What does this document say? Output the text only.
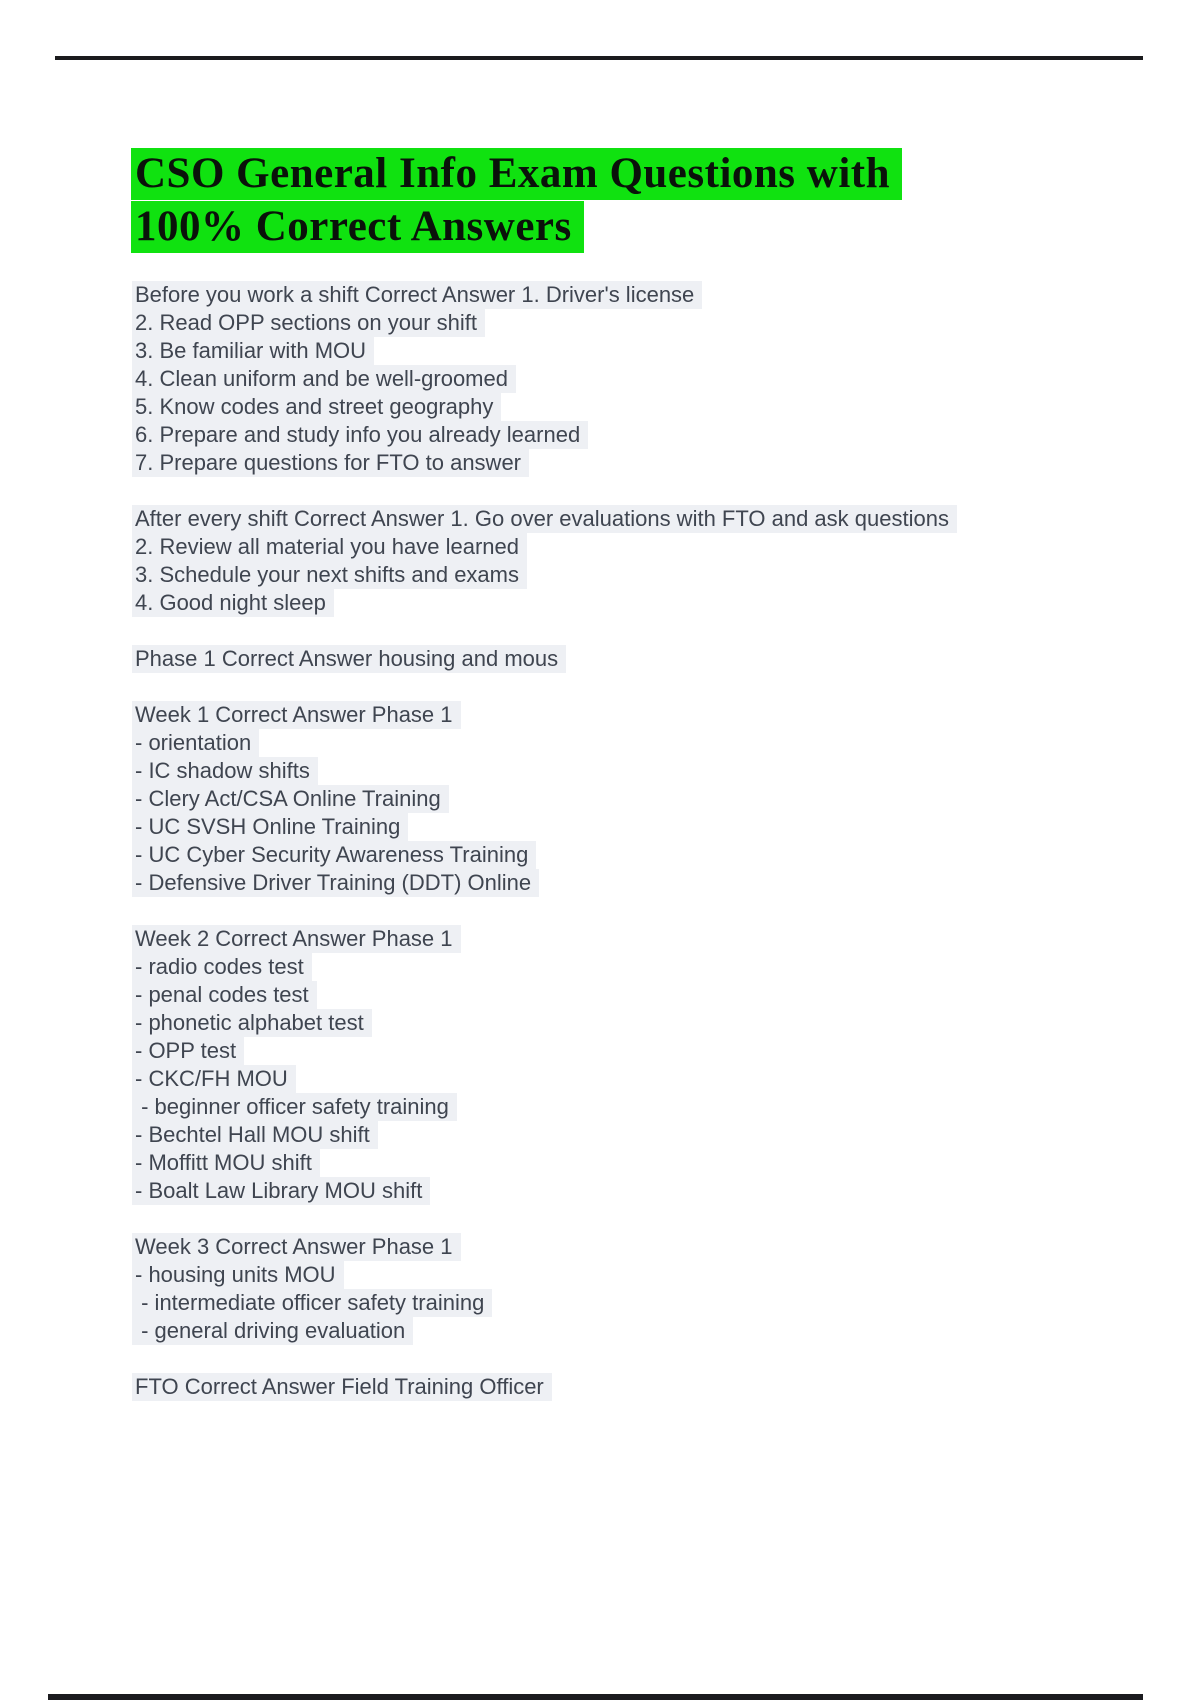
CSO General Info Exam Questions with
100% Correct Answers
Before you work a shift Correct Answer 1. Driver's license
2. Read OPP sections on your shift
3. Be familiar with MOU
4. Clean uniform and be well-groomed
5. Know codes and street geography
6. Prepare and study info you already learned
7. Prepare questions for FTO to answer
After every shift Correct Answer 1. Go over evaluations with FTO and ask questions
2. Review all material you have learned
3. Schedule your next shifts and exams
4. Good night sleep
Phase 1 Correct Answer housing and mous
Week 1 Correct Answer Phase 1
- orientation
- IC shadow shifts
- Clery Act/CSA Online Training
- UC SVSH Online Training
- UC Cyber Security Awareness Training
- Defensive Driver Training (DDT) Online
Week 2 Correct Answer Phase 1
- radio codes test
- penal codes test
- phonetic alphabet test
- OPP test
- CKC/FH MOU
- beginner officer safety training
- Bechtel Hall MOU shift
- Moffitt MOU shift
- Boalt Law Library MOU shift
Week 3 Correct Answer Phase 1
- housing units MOU
- intermediate officer safety training
- general driving evaluation
FTO Correct Answer Field Training Officer
